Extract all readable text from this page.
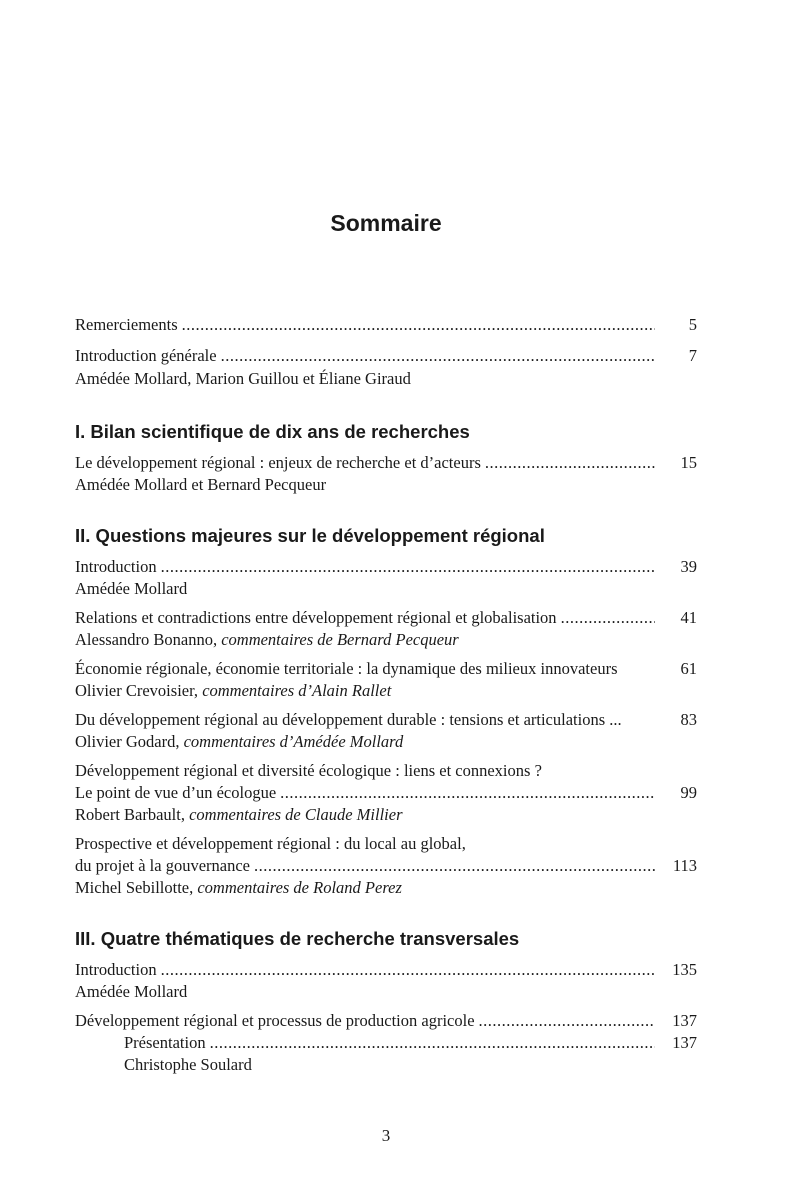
Sommaire
Remerciements .....	5
Introduction générale .....	7
Amédée Mollard, Marion Guillou et Éliane Giraud
I. Bilan scientifique de dix ans de recherches
Le développement régional : enjeux de recherche et d’acteurs .....	15
Amédée Mollard et Bernard Pecqueur
II. Questions majeures sur le développement régional
Introduction .....	39
Amédée Mollard
Relations et contradictions entre développement régional et globalisation .....	41
Alessandro Bonanno, commentaires de Bernard Pecqueur
Économie régionale, économie territoriale : la dynamique des milieux innovateurs	61
Olivier Crevoisier, commentaires d’Alain Rallet
Du développement régional au développement durable : tensions et articulations ...	83
Olivier Godard, commentaires d’Amédée Mollard
Développement régional et diversité écologique : liens et connexions ?
Le point de vue d’un écologue .....	99
Robert Barbault, commentaires de Claude Millier
Prospective et développement régional : du local au global,
du projet à la gouvernance .....	113
Michel Sebillotte, commentaires de Roland Perez
III. Quatre thématiques de recherche transversales
Introduction .....	135
Amédée Mollard
Développement régional et processus de production agricole .....	137
Présentation .....	137
Christophe Soulard
3
